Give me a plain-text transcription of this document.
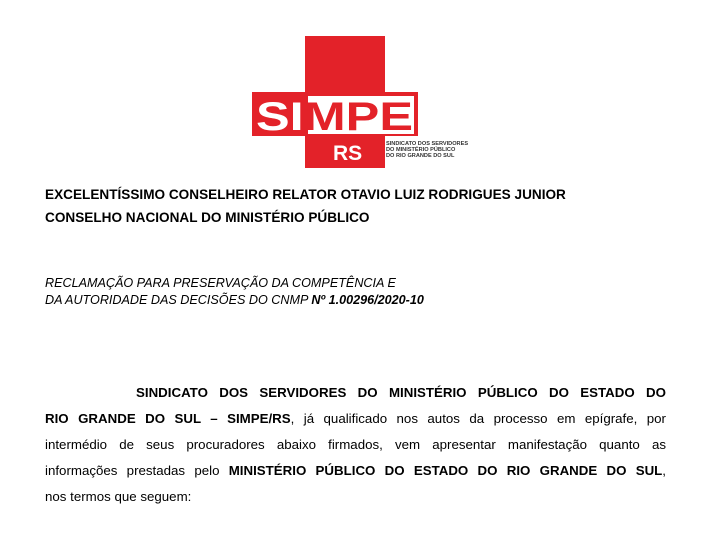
SI MPE
RS	SINDICATO DOS SERVIDORES
DO MINISTÉRIO PÚBLICO
DO RIO GRANDE DO SUL
EXCELENTÍSSIMO CONSELHEIRO RELATOR OTAVIO LUIZ RODRIGUES JUNIOR
CONSELHO NACIONAL DO MINISTÉRIO PÚBLICO
RECLAMAÇÃO PARA PRESERVAÇÃO DA COMPETÊNCIA E
DA AUTORIDADE DAS DECISÕES DO CNMP Nº 1.00296/2020-10
SINDICATO DOS SERVIDORES DO MINISTÉRIO PÚBLICO DO ESTADO DO
RIO GRANDE DO SUL – SIMPE/RS, já qualificado nos autos da processo em epígrafe, por
intermédio de seus procuradores abaixo firmados, vem apresentar manifestação quanto as
informações prestadas pelo MINISTÉRIO PÚBLICO DO ESTADO DO RIO GRANDE DO SUL,
nos termos que seguem:
